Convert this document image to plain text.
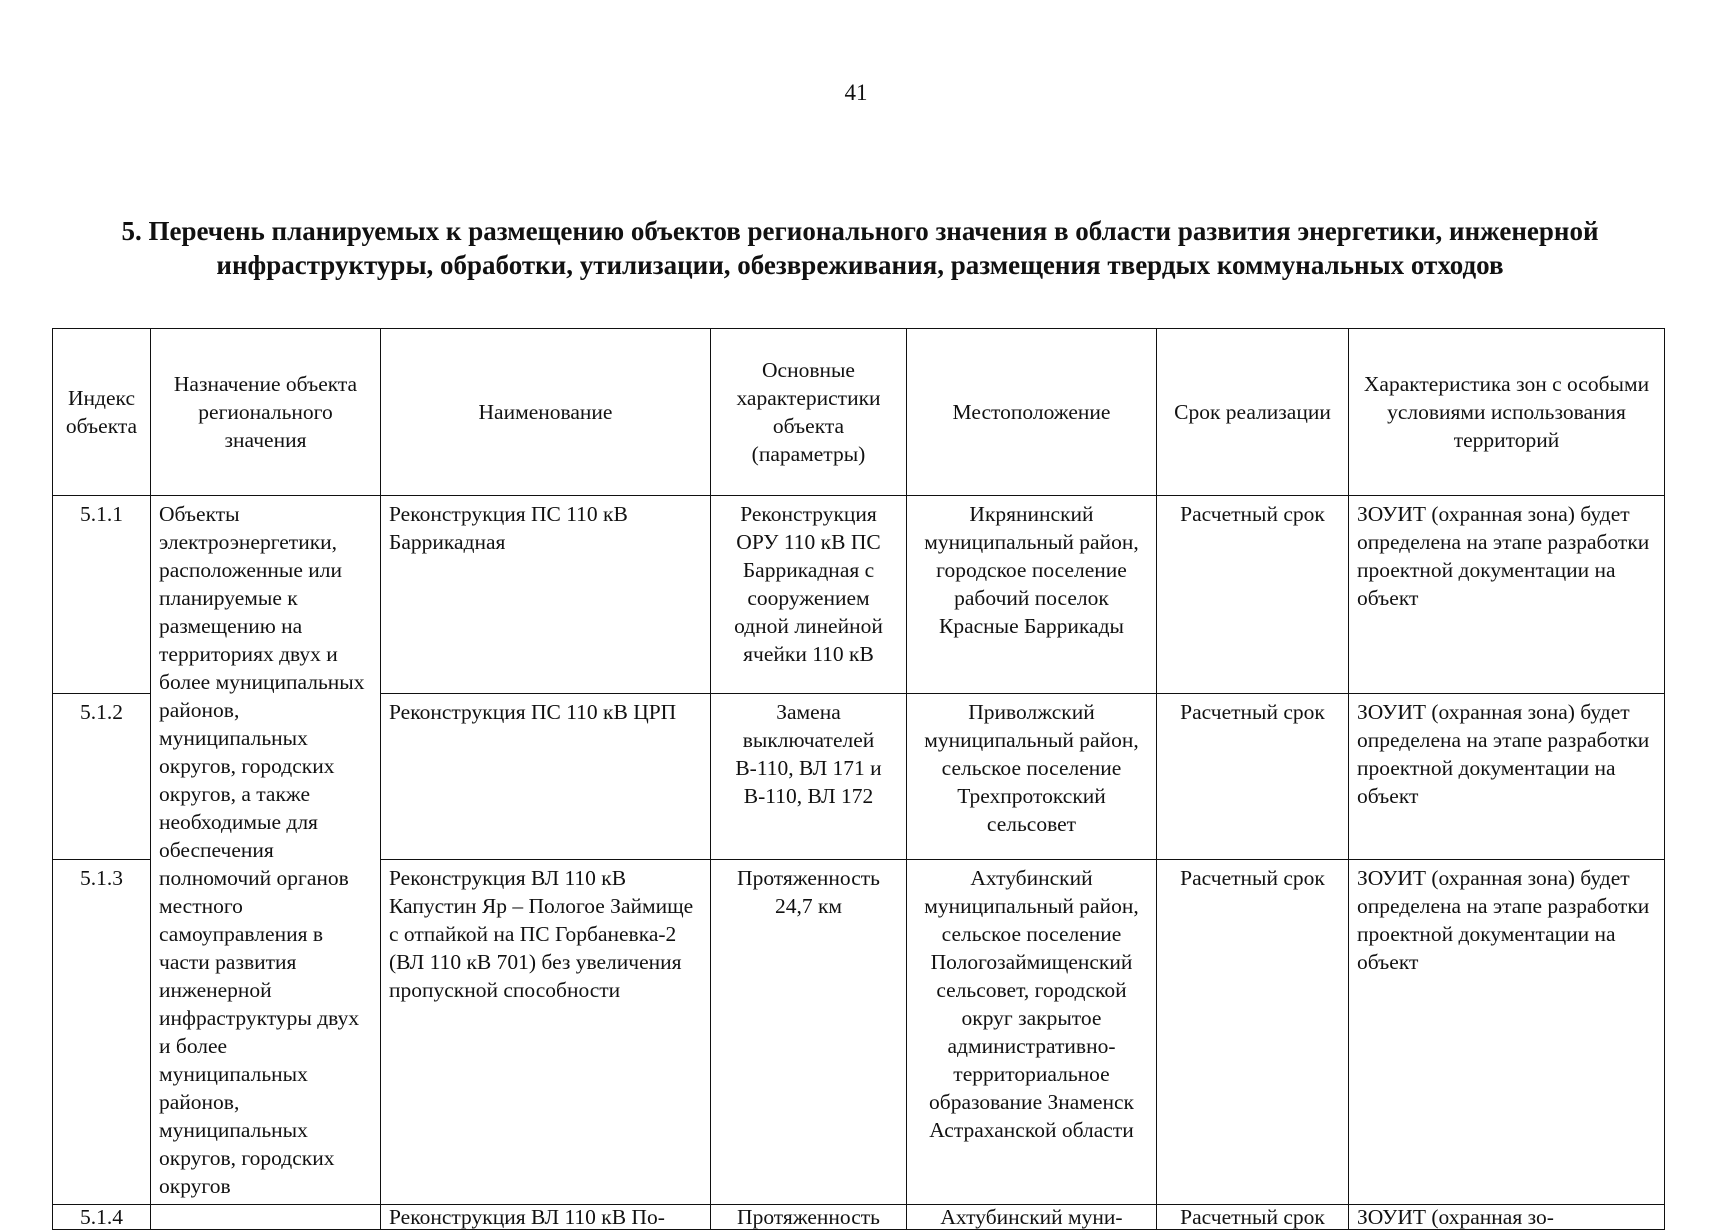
41
5. Перечень планируемых к размещению объектов регионального значения в области развития энергетики, инженерной
инфраструктуры, обработки, утилизации, обезвреживания, размещения твердых коммунальных отходов
Индекс объекта	Назначение объекта регионального значения	Наименование	Основные характеристики объекта (параметры)	Местоположение	Срок реализации	Характеристика зон с особыми условиями использования территорий
5.1.1	Объекты электроэнергетики, расположенные или планируемые к размещению на территориях двух и более муниципальных районов, муниципальных округов, городских округов, а также необходимые для обеспечения полномочий органов местного самоуправления в части развития инженерной инфраструктуры двух и более муниципальных районов, муниципальных округов, городских округов	Реконструкция ПС 110 кВ Баррикадная	Реконструкция ОРУ 110 кВ ПС Баррикадная с сооружением одной линейной ячейки 110 кВ	Икрянинский муниципальный район, городское поселение рабочий поселок Красные Баррикады	Расчетный срок	ЗОУИТ (охранная зона) будет определена на этапе разработки проектной документации на объект
5.1.2		Реконструкция ПС 110 кВ ЦРП	Замена выключателей В-110, ВЛ 171 и В-110, ВЛ 172	Приволжский муниципальный район, сельское поселение Трехпротокский сельсовет	Расчетный срок	ЗОУИТ (охранная зона) будет определена на этапе разработки проектной документации на объект
5.1.3		Реконструкция ВЛ 110 кВ Капустин Яр – Пологое Займище с отпайкой на ПС Горбаневка-2 (ВЛ 110 кВ 701) без увеличения пропускной способности	Протяженность 24,7 км	Ахтубинский муниципальный район, сельское поселение Пологозаймищенский сельсовет, городской округ закрытое административно-территориальное образование Знаменск Астраханской области	Расчетный срок	ЗОУИТ (охранная зона) будет определена на этапе разработки проектной документации на объект
5.1.4		Реконструкция ВЛ 110 кВ По-	Протяженность	Ахтубинский муни-	Расчетный срок	ЗОУИТ (охранная зо-
